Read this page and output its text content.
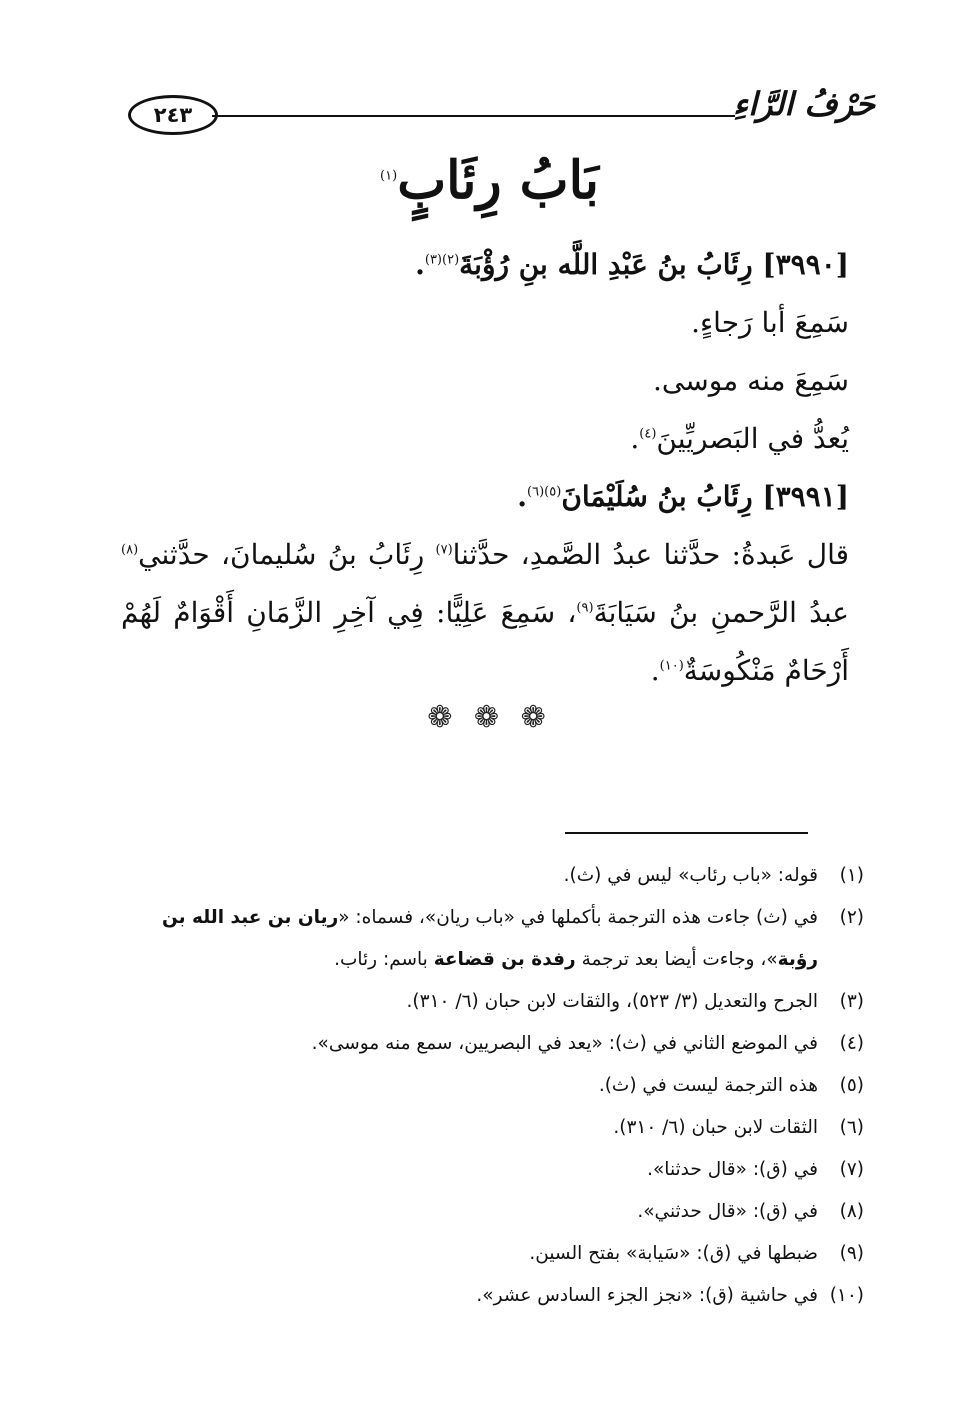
٢٤٣	حَرْفُ الرَّاءِ
بَابُ رِئَابٍ$^{(١)}$

[٣٩٩٠] رِئَابُ بنُ عَبْدِ اللَّه بنِ رُؤْبَةَ$^{(٢)(٣)}$.

سَمِعَ أبا رَجاءٍ.

سَمِعَ منه موسى.

يُعدُّ في البَصريِّينَ$^{(٤)}$.

[٣٩٩١] رِئَابُ بنُ سُلَيْمَانَ$^{(٥)(٦)}$.

قال عَبدةُ: حدَّثنا عبدُ الصَّمدِ، حدَّثنا$^{(٧)}$ رِئَابُ بنُ سُليمانَ، حدَّثني$^{(٨)}$ عبدُ الرَّحمنِ بنُ سَيَابَةَ$^{(٩)}$، سَمِعَ عَلِيًّا: فِي آخِرِ الزَّمَانِ أَقْوَامٌ لَهُمْ أَرْحَامٌ مَنْكُوسَةٌ$^{(١٠)}$.

❁ ❁ ❁
(١)
قوله: «باب رئاب» ليس في (ث).
(٢)
في (ث) جاءت هذه الترجمة بأكملها في «باب ريان»، فسماه: «ريان بن عبد الله بن رؤبة»، وجاءت أيضا بعد ترجمة رفدة بن قضاعة باسم: رئاب.
(٣)
الجرح والتعديل (٣/ ٥٢٣)، والثقات لابن حبان (٦/ ٣١٠).
(٤)
في الموضع الثاني في (ث): «يعد في البصريين، سمع منه موسى».
(٥)
هذه الترجمة ليست في (ث).
(٦)
الثقات لابن حبان (٦/ ٣١٠).
(٧)
في (ق): «قال حدثنا».
(٨)
في (ق): «قال حدثني».
(٩)
ضبطها في (ق): «سَيابة» بفتح السين.
(١٠)
في حاشية (ق): «نجز الجزء السادس عشر».
